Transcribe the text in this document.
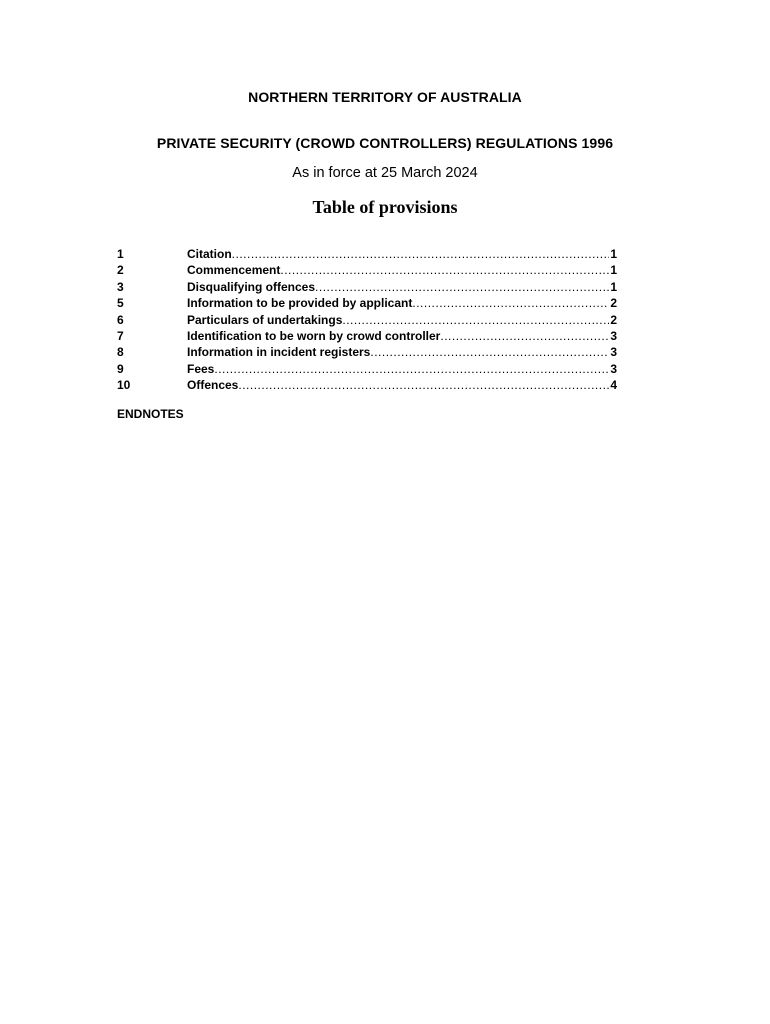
NORTHERN TERRITORY OF AUSTRALIA
PRIVATE SECURITY (CROWD CONTROLLERS) REGULATIONS 1996
As in force at 25 March 2024
Table of provisions
1	Citation .....	1
2	Commencement .....	1
3	Disqualifying offences .....	1
5	Information to be provided by applicant .....	2
6	Particulars of undertakings .....	2
7	Identification to be worn by crowd controller .....	3
8	Information in incident registers .....	3
9	Fees .....	3
10	Offences .....	4
ENDNOTES
